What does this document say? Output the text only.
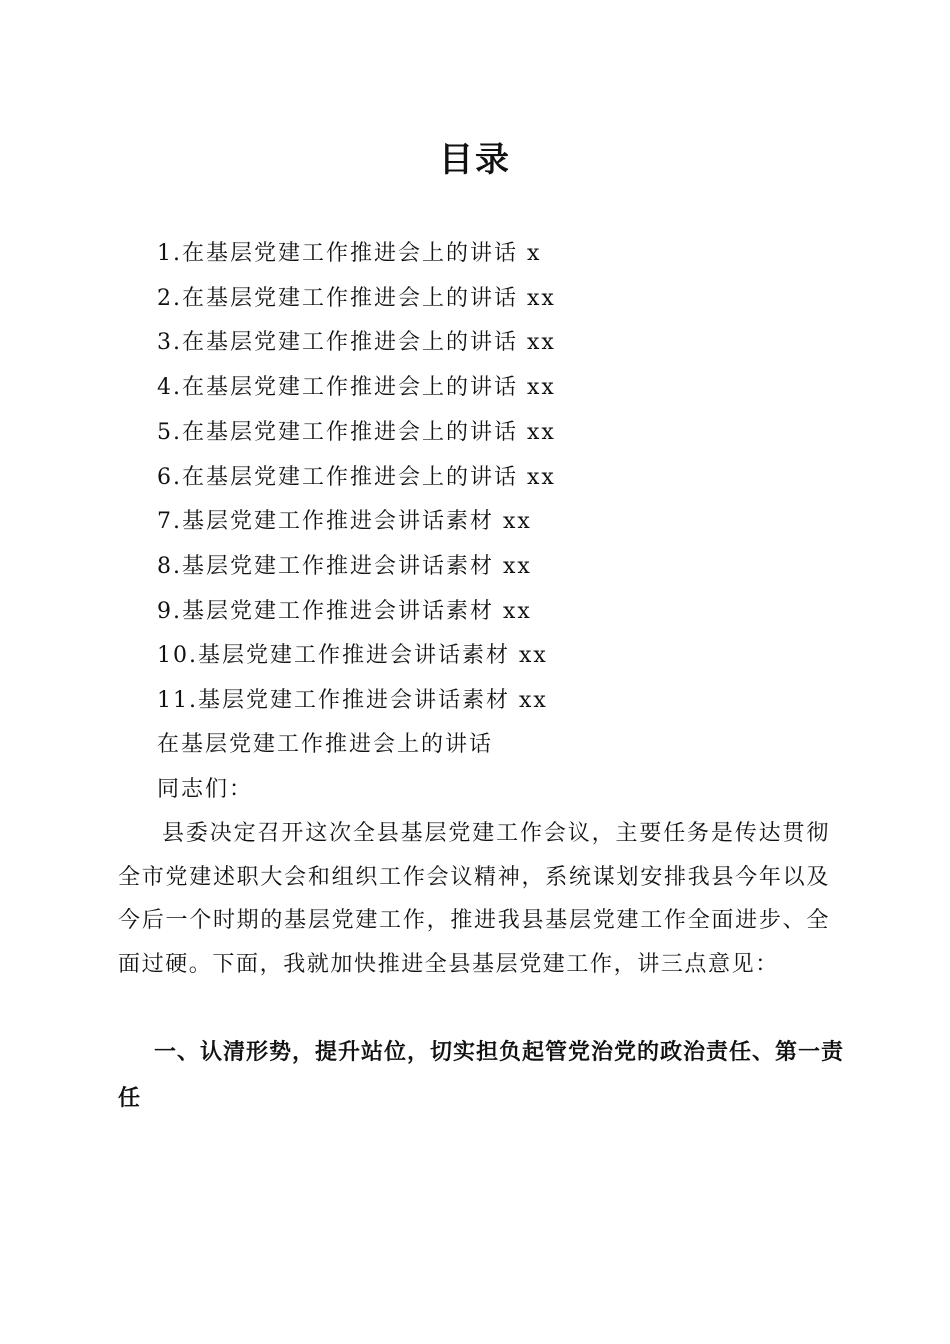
目录
1.在基层党建工作推进会上的讲话 x
2.在基层党建工作推进会上的讲话 xx
3.在基层党建工作推进会上的讲话 xx
4.在基层党建工作推进会上的讲话 xx
5.在基层党建工作推进会上的讲话 xx
6.在基层党建工作推进会上的讲话 xx
7.基层党建工作推进会讲话素材 xx
8.基层党建工作推进会讲话素材 xx
9.基层党建工作推进会讲话素材 xx
10.基层党建工作推进会讲话素材 xx
11.基层党建工作推进会讲话素材 xx
在基层党建工作推进会上的讲话
同志们：

县委决定召开这次全县基层党建工作会议，主要任务是传达贯彻全市党建述职大会和组织工作会议精神，系统谋划安排我县今年以及今后一个时期的基层党建工作，推进我县基层党建工作全面进步、全面过硬。下面，我就加快推进全县基层党建工作，讲三点意见：

一、认清形势，提升站位，切实担负起管党治党的政治责任、第一责任
